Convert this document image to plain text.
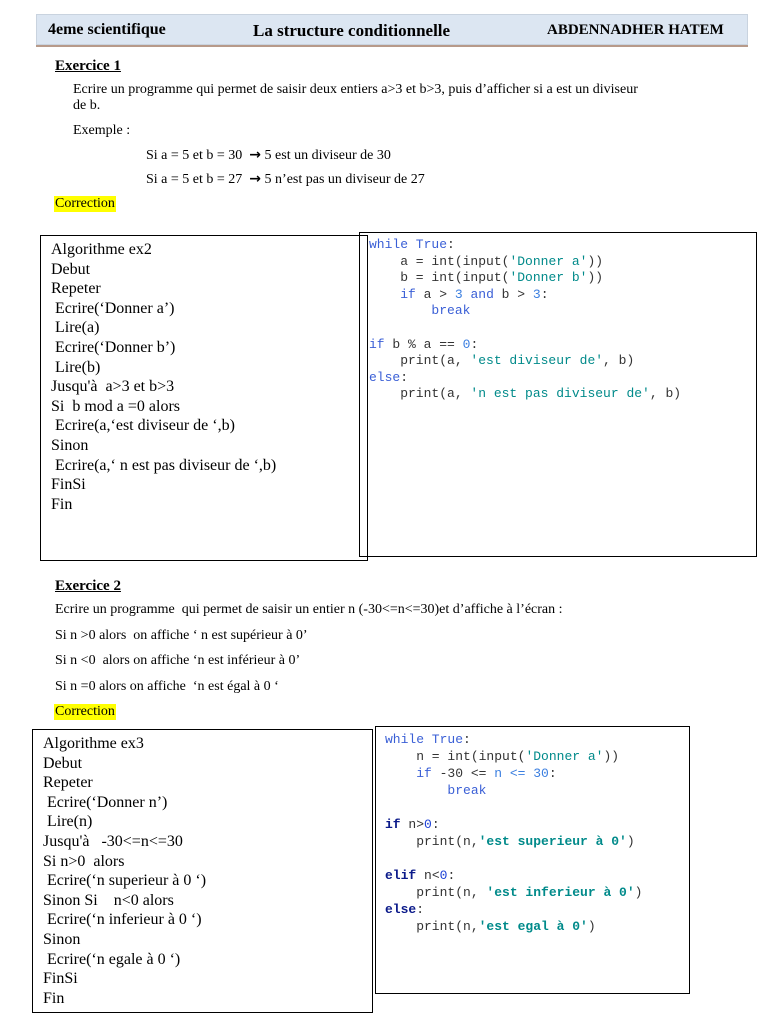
4eme scientifique	La structure conditionnelle	ABDENNADHER HATEM
Exercice 1
Ecrire un programme qui permet de saisir deux entiers a>3 et b>3, puis d’afficher si a est un diviseur
de b.
Exemple :
Si a = 5 et b = 30 → 5 est un diviseur de 30
Si a = 5 et b = 27 → 5 n’est pas un diviseur de 27
Correction
Algorithme ex2
Debut
Repeter
Ecrire(‘Donner a’)
Lire(a)
Ecrire(‘Donner b’)
Lire(b)
Jusqu'à  a>3 et b>3
Si  b mod a =0 alors
Ecrire(a,‘est diviseur de ‘,b)
Sinon
Ecrire(a,‘ n est pas diviseur de ‘,b)
FinSi
Fin
while True:
a = int(input('Donner a'))
b = int(input('Donner b'))
if a > 3 and b > 3:
break
if b % a == 0:
print(a, 'est diviseur de', b)
else:
print(a, 'n est pas diviseur de', b)
Exercice 2
Ecrire un programme  qui permet de saisir un entier n (-30<=n<=30)et d’affiche à l’écran :
Si n >0 alors  on affiche ‘ n est supérieur à 0’
Si n <0  alors on affiche ‘n est inférieur à 0’
Si n =0 alors on affiche  ‘n est égal à 0 ‘
Correction
Algorithme ex3
Debut
Repeter
Ecrire(‘Donner n’)
Lire(n)
Jusqu'à   -30<=n<=30
Si n>0  alors
Ecrire(‘n superieur à 0 ‘)
Sinon Si    n<0 alors
Ecrire(‘n inferieur à 0 ‘)
Sinon
Ecrire(‘n egale à 0 ‘)
FinSi
Fin
while True:
n = int(input('Donner a'))
if -30 <= n <= 30:
break
if n>0:
print(n,'est superieur à 0')
elif n<0:
print(n, 'est inferieur à 0')
else:
print(n,'est egal à 0')
